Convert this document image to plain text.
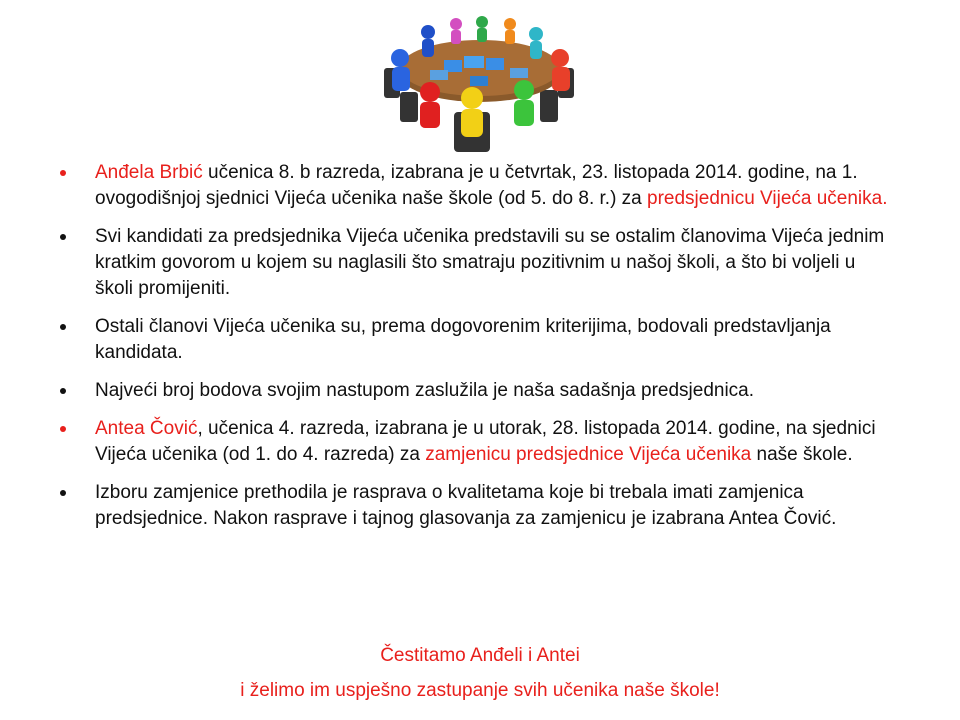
Anđela Brbić učenica 8. b razreda, izabrana je u četvrtak, 23. listopada 2014. godine, na 1. ovogodišnjoj sjednici Vijeća učenika naše škole (od 5. do 8. r.) za predsjednicu Vijeća učenika.
Svi kandidati za predsjednika Vijeća učenika predstavili su se ostalim članovima Vijeća jednim kratkim govorom u kojem su naglasili što smatraju pozitivnim u našoj školi, a što bi voljeli u školi promijeniti.
Ostali članovi Vijeća učenika su, prema dogovorenim kriterijima, bodovali predstavljanja kandidata.
Najveći broj bodova svojim nastupom zaslužila je naša sadašnja predsjednica.
Antea Čović, učenica 4. razreda, izabrana je u utorak, 28. listopada 2014. godine, na sjednici Vijeća učenika (od 1. do 4. razreda) za zamjenicu predsjednice Vijeća učenika naše škole.
Izboru zamjenice prethodila je rasprava o kvalitetama koje bi trebala imati zamjenica predsjednice. Nakon rasprave i tajnog glasovanja za zamjenicu je izabrana Antea Čović.
Čestitamo Anđeli i Antei
i želimo im uspješno zastupanje svih učenika naše škole!
